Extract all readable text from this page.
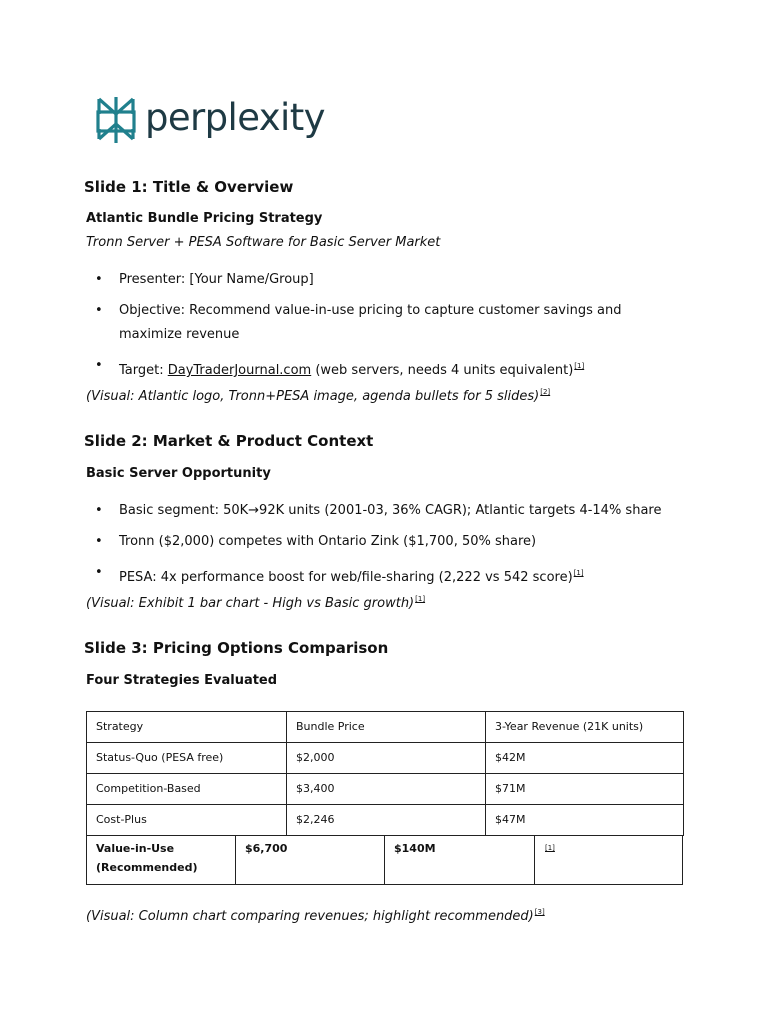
perplexity
Slide 1: Title & Overview
Atlantic Bundle Pricing Strategy
Tronn Server + PESA Software for Basic Server Market
• Presenter: [Your Name/Group]
• Objective: Recommend value-in-use pricing to capture customer savings and
maximize revenue
• Target: DayTraderJournal.com (web servers, needs 4 units equivalent)[1]
(Visual: Atlantic logo, Tronn+PESA image, agenda bullets for 5 slides)[2]
Slide 2: Market & Product Context
Basic Server Opportunity
• Basic segment: 50K→92K units (2001-03, 36% CAGR); Atlantic targets 4-14% share
• Tronn ($2,000) competes with Ontario Zink ($1,700, 50% share)
• PESA: 4x performance boost for web/file-sharing (2,222 vs 542 score)[1]
(Visual: Exhibit 1 bar chart - High vs Basic growth)[1]
Slide 3: Pricing Options Comparison
Four Strategies Evaluated
Strategy	Bundle Price	3-Year Revenue (21K units)
Status-Quo (PESA free)	$2,000	$42M
Competition-Based	$3,400	$71M
Cost-Plus	$2,246	$47M
Value-in-Use
(Recommended)
$6,700	$140M	[1]
(Visual: Column chart comparing revenues; highlight recommended)[3]
